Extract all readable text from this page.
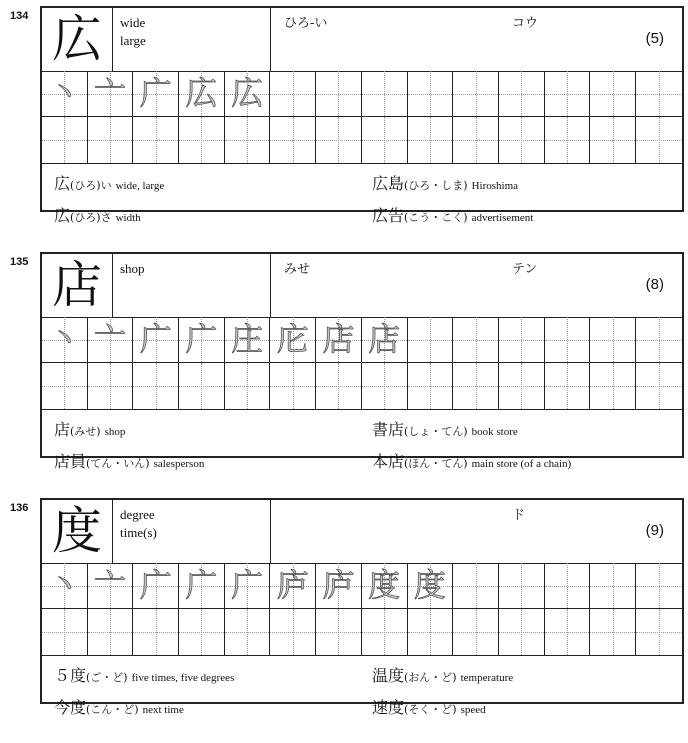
134 広	wide
large
ひろ-い	コウ
(5)
丶 亠 广 広 広
広(ひろ)い wide, large	広島(ひろ・しま) Hiroshima
広(ひろ)さ width	広告(こう・こく) advertisement
135 店	shop	みせ	テン
(8)
丶 亠 广 广 庄 庀 店 店
店(みせ) shop	書店(しょ・てん) book store
店員(てん・いん) salesperson	本店(ほん・てん) main store (of a chain)
136 度	degree
time(s)
ド
(9)
丶 亠 广 广 广 庐 庐 度 度
５度(ご・ど) five times, five degrees	温度(おん・ど) temperature
今度(こん・ど) next time	速度(そく・ど) speed
